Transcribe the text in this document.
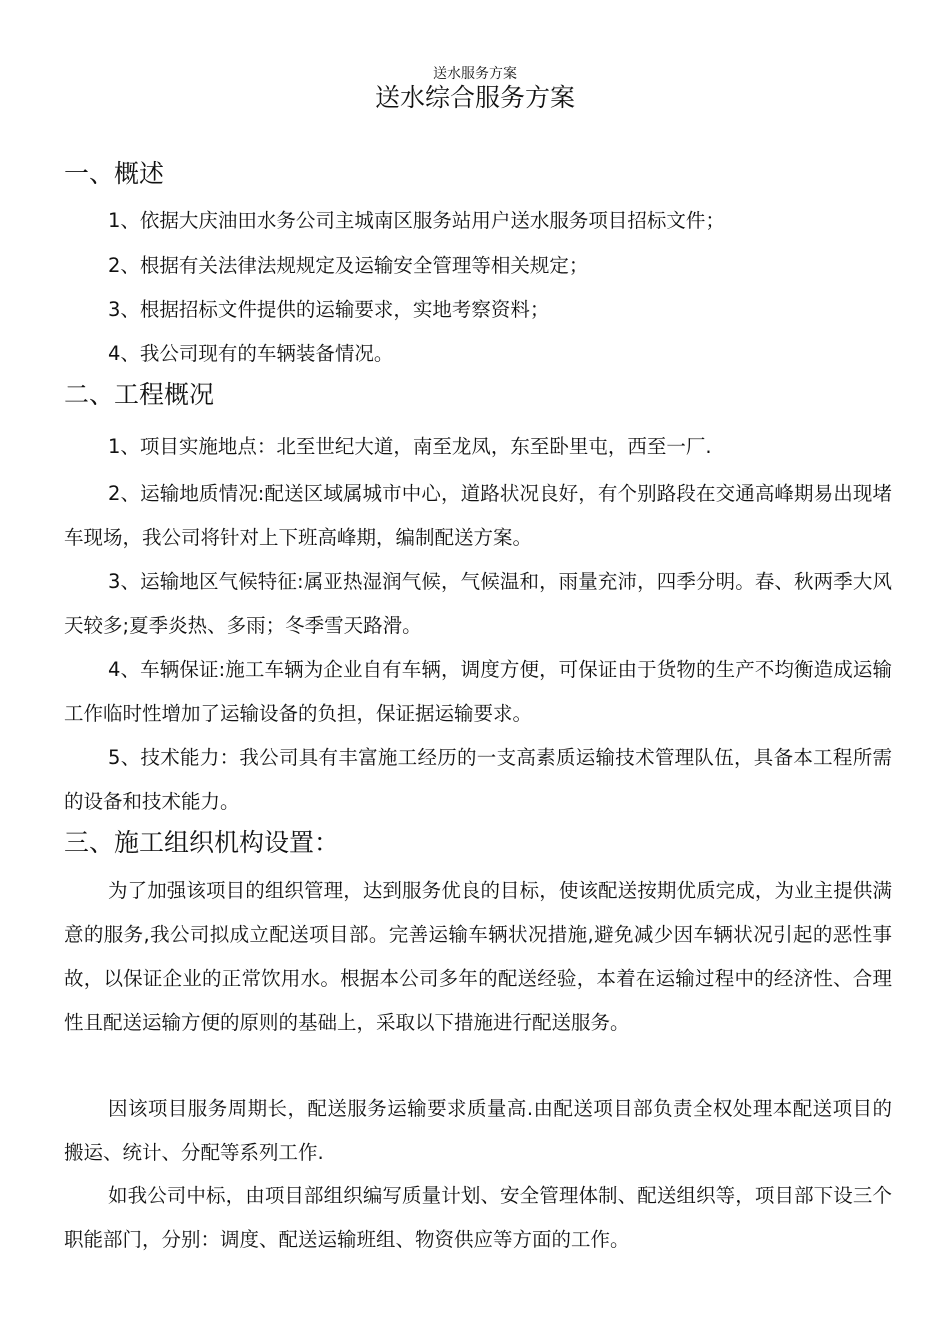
送水服务方案
送水综合服务方案
一、概述
1、依据大庆油田水务公司主城南区服务站用户送水服务项目招标文件；
2、根据有关法律法规规定及运输安全管理等相关规定；
3、根据招标文件提供的运输要求，实地考察资料；
4、我公司现有的车辆装备情况。
二、工程概况
1、项目实施地点：北至世纪大道，南至龙凤，东至卧里屯，西至一厂.
2、运输地质情况:配送区域属城市中心，道路状况良好，有个别路段在交通高峰期易出现堵车现场，我公司将针对上下班高峰期，编制配送方案。
3、运输地区气候特征:属亚热湿润气候，气候温和，雨量充沛，四季分明。春、秋两季大风天较多;夏季炎热、多雨；冬季雪天路滑。
4、车辆保证:施工车辆为企业自有车辆，调度方便，可保证由于货物的生产不均衡造成运输工作临时性增加了运输设备的负担，保证据运输要求。
5、技术能力：我公司具有丰富施工经历的一支高素质运输技术管理队伍，具备本工程所需的设备和技术能力。
三、施工组织机构设置：
为了加强该项目的组织管理，达到服务优良的目标，使该配送按期优质完成，为业主提供满意的服务,我公司拟成立配送项目部。完善运输车辆状况措施,避免减少因车辆状况引起的恶性事故，以保证企业的正常饮用水。根据本公司多年的配送经验，本着在运输过程中的经济性、合理性且配送运输方便的原则的基础上，采取以下措施进行配送服务。
因该项目服务周期长，配送服务运输要求质量高.由配送项目部负责全权处理本配送项目的搬运、统计、分配等系列工作.
如我公司中标，由项目部组织编写质量计划、安全管理体制、配送组织等，项目部下设三个职能部门，分别：调度、配送运输班组、物资供应等方面的工作。
